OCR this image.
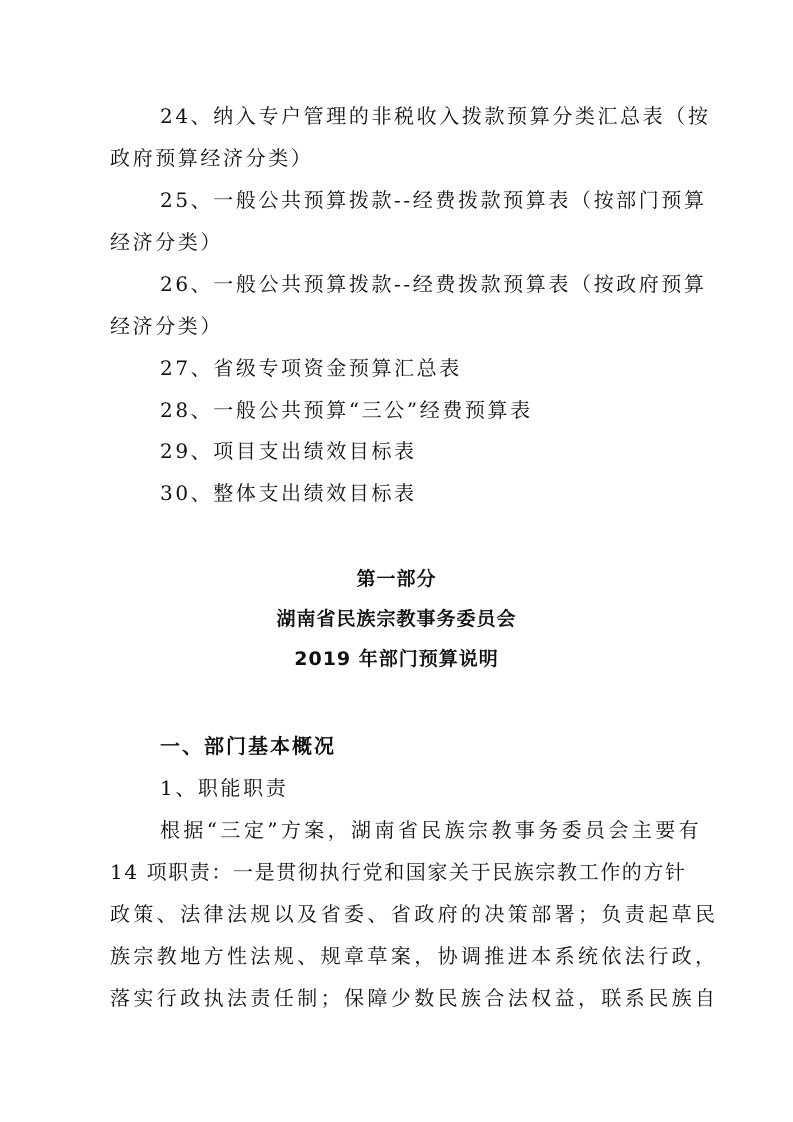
24、纳入专户管理的非税收入拨款预算分类汇总表（按
政府预算经济分类）
25、一般公共预算拨款--经费拨款预算表（按部门预算
经济分类）
26、一般公共预算拨款--经费拨款预算表（按政府预算
经济分类）
27、省级专项资金预算汇总表
28、一般公共预算“三公”经费预算表
29、项目支出绩效目标表
30、整体支出绩效目标表
第一部分
湖南省民族宗教事务委员会
2019 年部门预算说明
一、部门基本概况
1、职能职责
根据“三定”方案，湖南省民族宗教事务委员会主要有
14 项职责：一是贯彻执行党和国家关于民族宗教工作的方针
政策、法律法规以及省委、省政府的决策部署；负责起草民
族宗教地方性法规、规章草案，协调推进本系统依法行政，
落实行政执法责任制；保障少数民族合法权益，联系民族自
